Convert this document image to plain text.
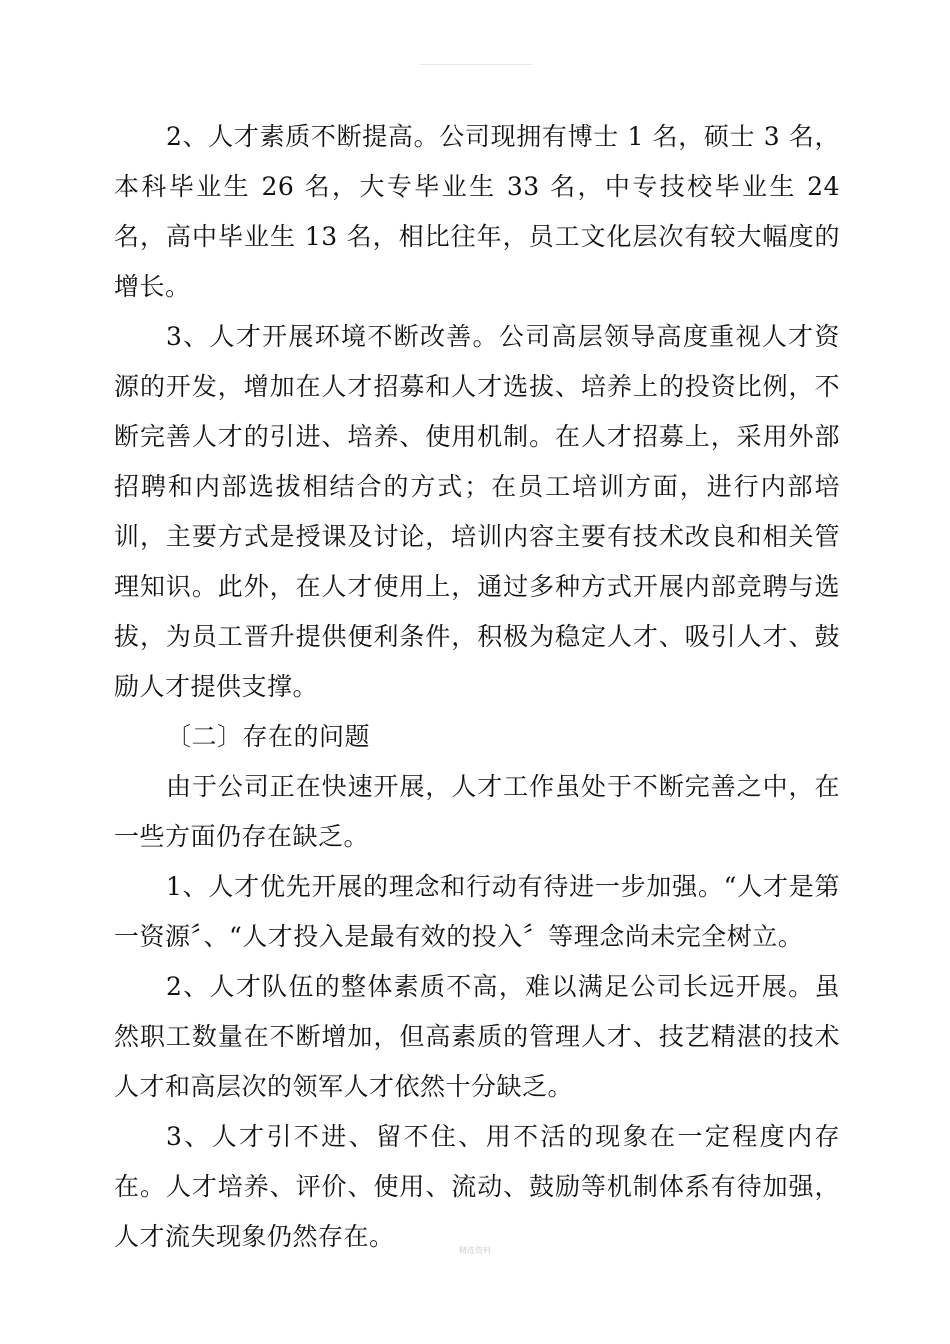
2、人才素质不断提高。公司现拥有博士 1 名，硕士 3 名，本科毕业生 26 名，大专毕业生 33 名，中专技校毕业生 24 名，高中毕业生 13 名，相比往年，员工文化层次有较大幅度的增长。

3、人才开展环境不断改善。公司高层领导高度重视人才资源的开发，增加在人才招募和人才选拔、培养上的投资比例，不断完善人才的引进、培养、使用机制。在人才招募上，采用外部招聘和内部选拔相结合的方式；在员工培训方面，进行内部培训，主要方式是授课及讨论，培训内容主要有技术改良和相关管理知识。此外，在人才使用上，通过多种方式开展内部竞聘与选拔，为员工晋升提供便利条件，积极为稳定人才、吸引人才、鼓励人才提供支撑。

〔二〕存在的问题

由于公司正在快速开展，人才工作虽处于不断完善之中，在一些方面仍存在缺乏。

1、人才优先开展的理念和行动有待进一步加强。“人才是第一资源〞、“人才投入是最有效的投入〞等理念尚未完全树立。

2、人才队伍的整体素质不高，难以满足公司长远开展。虽然职工数量在不断增加，但高素质的管理人才、技艺精湛的技术人才和高层次的领军人才依然十分缺乏。

3、人才引不进、留不住、用不活的现象在一定程度内存在。人才培养、评价、使用、流动、鼓励等机制体系有待加强，人才流失现象仍然存在。	精选资料
